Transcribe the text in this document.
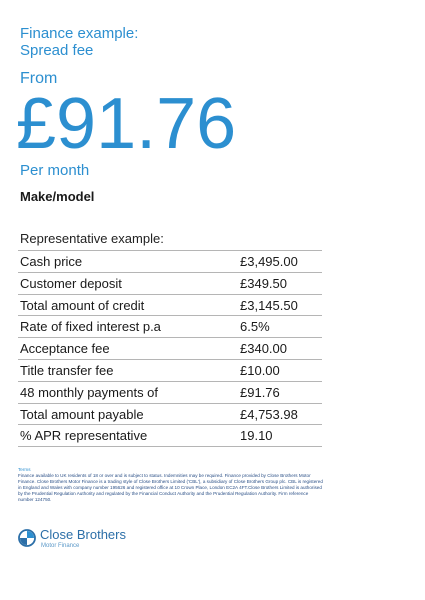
Finance example:
Spread fee
From
£91.76
Per month
Make/model
Representative example:
Cash price	£3,495.00
Customer deposit	£349.50
Total amount of credit	£3,145.50
Rate of fixed interest p.a	6.5%
Acceptance fee	£340.00
Title transfer fee	£10.00
48 monthly payments of	£91.76
Total amount payable	£4,753.98
% APR representative	19.10
Terms
Finance available to UK residents of 18 or over and is subject to status. Indemnities may be required. Finance provided by Close Brothers Motor Finance. Close Brothers Motor Finance is a trading style of Close Brothers Limited ('CBL'), a subsidiary of Close Brothers Group plc. CBL is registered in England and Wales with company number 195626 and registered office at 10 Crown Place, London EC2A 4FT.Close Brothers Limited is authorised by the Prudential Regulation Authority and regulated by the Financial Conduct Authority and the Prudential Regulation Authority. Firm reference number 124750.
Close Brothers
Motor Finance
